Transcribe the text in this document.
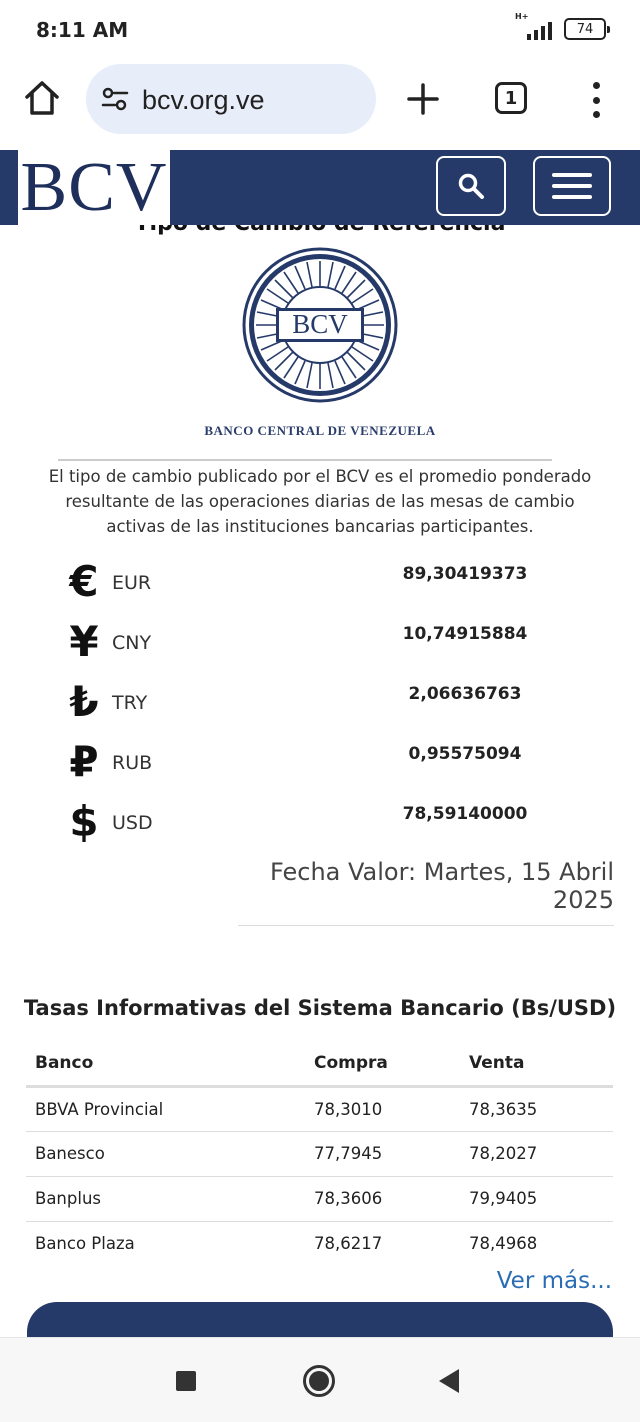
8:11 AM
H+
74
bcv.org.ve	1
BCV
BCV
BANCO CENTRAL DE VENEZUELA
El tipo de cambio publicado por el BCV es el promedio ponderado resultante de las operaciones diarias de las mesas de cambio activas de las instituciones bancarias participantes.
€ EUR	89,30419373
¥ CNY	10,74915884
₺ TRY	2,06636763
₽ RUB	0,95575094
$ USD	78,59140000
Fecha Valor: Martes, 15 Abril 2025
Tasas Informativas del Sistema Bancario (Bs/USD)
Banco	Compra	Venta
BBVA Provincial	78,3010	78,3635
Banesco	77,7945	78,2027
Banplus	78,3606	79,9405
Banco Plaza	78,6217	78,4968
Ver más...
